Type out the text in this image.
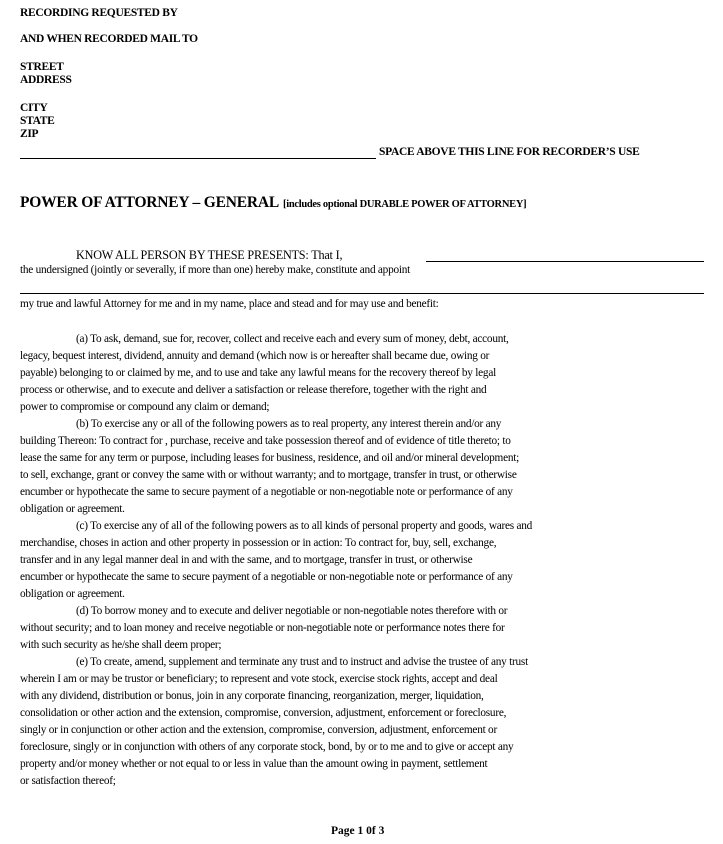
RECORDING REQUESTED BY
AND WHEN RECORDED MAIL TO
STREET
ADDRESS
CITY
STATE
ZIP
SPACE ABOVE THIS LINE FOR RECORDER’S USE
POWER OF ATTORNEY – GENERAL [includes optional DURABLE POWER OF ATTORNEY]
KNOW ALL PERSON BY THESE PRESENTS: That I,
the undersigned (jointly or severally, if more than one) hereby make, constitute and appoint
my true and lawful Attorney for me and in my name, place and stead and for may use and benefit:
(a) To ask, demand, sue for, recover, collect and receive each and every sum of money, debt, account,
legacy, bequest interest, dividend, annuity and demand (which now is or hereafter shall became due, owing or
payable) belonging to or claimed by me, and to use and take any lawful means for the recovery thereof by legal
process or otherwise, and to execute and deliver a satisfaction or release therefore, together with the right and
power to compromise or compound any claim or demand;
(b) To exercise any or all of the following powers as to real property, any interest therein and/or any
building Thereon: To contract for , purchase, receive and take possession thereof and of evidence of title thereto; to
lease the same for any term or purpose, including leases for business, residence, and oil and/or mineral development;
to sell, exchange, grant or convey the same with or without warranty; and to mortgage, transfer in trust, or otherwise
encumber or hypothecate the same to secure payment of a negotiable or non-negotiable note or performance of any
obligation or agreement.
(c) To exercise any of all of the following powers as to all kinds of personal property and goods, wares and
merchandise, choses in action and other property in possession or in action: To contract for, buy, sell, exchange,
transfer and in any legal manner deal in and with the same, and to mortgage, transfer in trust, or otherwise
encumber or hypothecate the same to secure payment of a negotiable or non-negotiable note or performance of any
obligation or agreement.
(d) To borrow money and to execute and deliver negotiable or non-negotiable notes therefore with or
without security; and to loan money and receive negotiable or non-negotiable note or performance notes there for
with such security as he/she shall deem proper;
(e) To create, amend, supplement and terminate any trust and to instruct and advise the trustee of any trust
wherein I am or may be trustor or beneficiary; to represent and vote stock, exercise stock rights, accept and deal
with any dividend, distribution or bonus, join in any corporate financing, reorganization, merger, liquidation,
consolidation or other action and the extension, compromise, conversion, adjustment, enforcement or foreclosure,
singly or in conjunction or other action and the extension, compromise, conversion, adjustment, enforcement or
foreclosure, singly or in conjunction with others of any corporate stock, bond, by or to me and to give or accept any
property and/or money whether or not equal to or less in value than the amount owing in payment, settlement
or satisfaction thereof;
Page 1 0f 3
